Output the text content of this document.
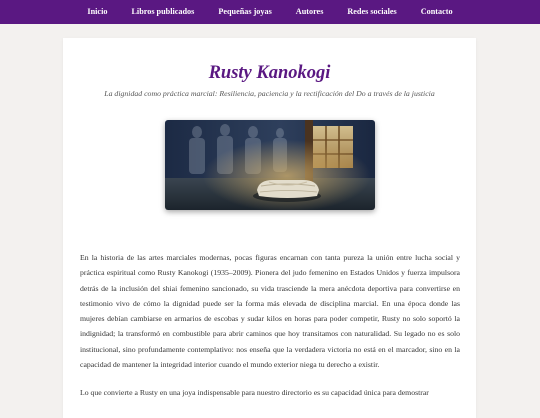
Inicio	Libros publicados	Pequeñas joyas	Autores	Redes sociales	Contacto
Rusty Kanokogi

La dignidad como práctica marcial: Resiliencia, paciencia y la rectificación del Do a través de la justicia

En la historia de las artes marciales modernas, pocas figuras encarnan con tanta pureza la unión entre lucha social y práctica espiritual como Rusty Kanokogi (1935–2009). Pionera del judo femenino en Estados Unidos y fuerza impulsora detrás de la inclusión del shiai femenino sancionado, su vida trasciende la mera anécdota deportiva para convertirse en testimonio vivo de cómo la dignidad puede ser la forma más elevada de disciplina marcial. En una época donde las mujeres debían cambiarse en armarios de escobas y sudar kilos en horas para poder competir, Rusty no solo soportó la indignidad; la transformó en combustible para abrir caminos que hoy transitamos con naturalidad. Su legado no es solo institucional, sino profundamente contemplativo: nos enseña que la verdadera victoria no está en el marcador, sino en la capacidad de mantener la integridad interior cuando el mundo exterior niega tu derecho a existir.

Lo que convierte a Rusty en una joya indispensable para nuestro directorio es su capacidad única para demostrar
